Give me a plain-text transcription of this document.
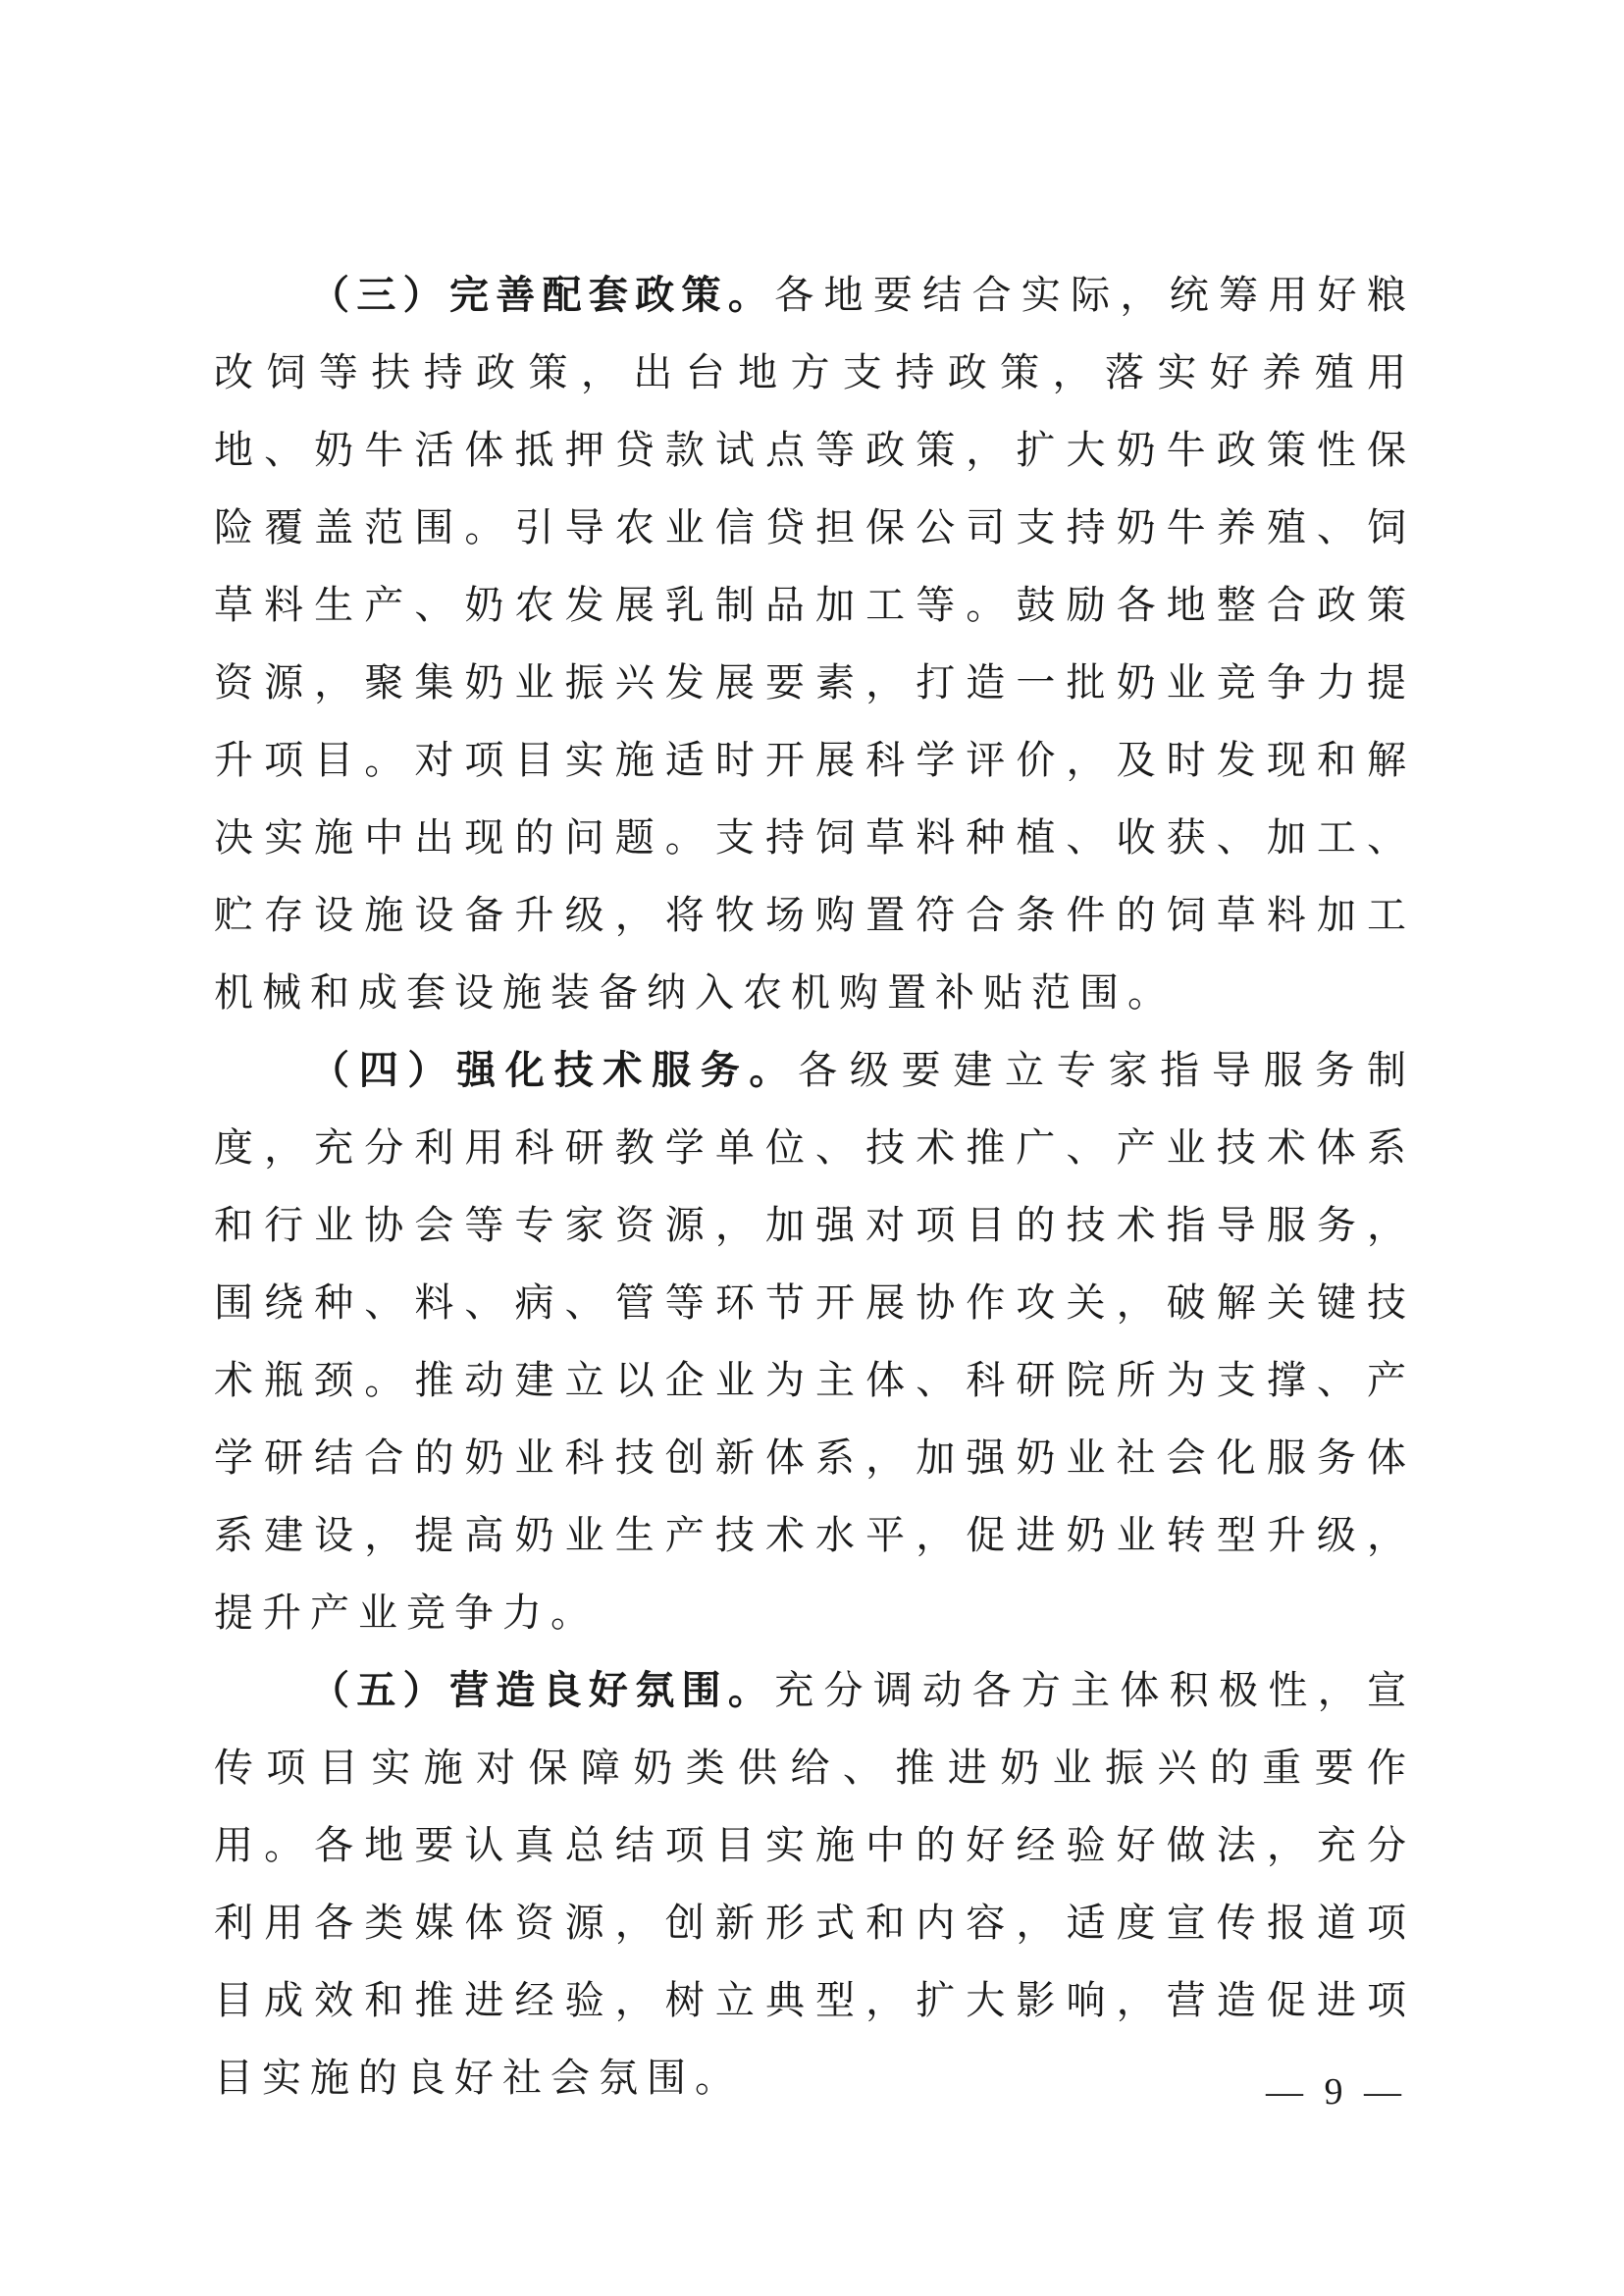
（三）完善配套政策。各地要结合实际，统筹用好粮改饲等扶持政策，出台地方支持政策，落实好养殖用地、奶牛活体抵押贷款试点等政策，扩大奶牛政策性保险覆盖范围。引导农业信贷担保公司支持奶牛养殖、饲草料生产、奶农发展乳制品加工等。鼓励各地整合政策资源，聚集奶业振兴发展要素，打造一批奶业竞争力提升项目。对项目实施适时开展科学评价，及时发现和解决实施中出现的问题。支持饲草料种植、收获、加工、贮存设施设备升级，将牧场购置符合条件的饲草料加工机械和成套设施装备纳入农机购置补贴范围。

（四）强化技术服务。各级要建立专家指导服务制度，充分利用科研教学单位、技术推广、产业技术体系和行业协会等专家资源，加强对项目的技术指导服务，围绕种、料、病、管等环节开展协作攻关，破解关键技术瓶颈。推动建立以企业为主体、科研院所为支撑、产学研结合的奶业科技创新体系，加强奶业社会化服务体系建设，提高奶业生产技术水平，促进奶业转型升级，提升产业竞争力。

（五）营造良好氛围。充分调动各方主体积极性，宣传项目实施对保障奶类供给、推进奶业振兴的重要作用。各地要认真总结项目实施中的好经验好做法，充分利用各类媒体资源，创新形式和内容，适度宣传报道项目成效和推进经验，树立典型，扩大影响，营造促进项目实施的良好社会氛围。	— 9 —
